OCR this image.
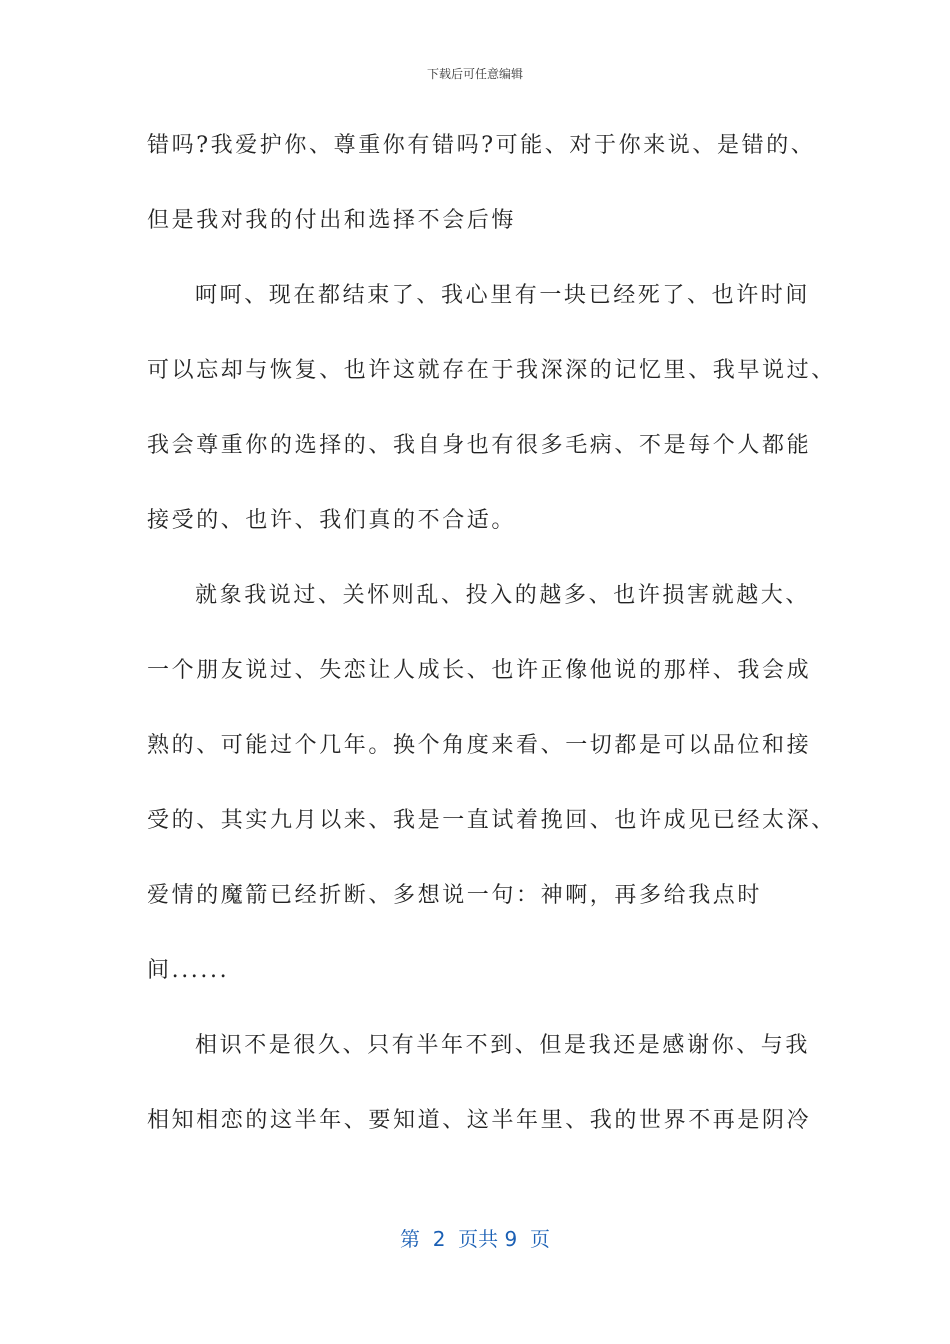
下载后可任意编辑
错吗?我爱护你、尊重你有错吗?可能、对于你来说、是错的、
但是我对我的付出和选择不会后悔
呵呵、现在都结束了、我心里有一块已经死了、也许时间
可以忘却与恢复、也许这就存在于我深深的记忆里、我早说过、
我会尊重你的选择的、我自身也有很多毛病、不是每个人都能
接受的、也许、我们真的不合适。
就象我说过、关怀则乱、投入的越多、也许损害就越大、
一个朋友说过、失恋让人成长、也许正像他说的那样、我会成
熟的、可能过个几年。换个角度来看、一切都是可以品位和接
受的、其实九月以来、我是一直试着挽回、也许成见已经太深、
爱情的魔箭已经折断、多想说一句：神啊，再多给我点时
间......
相识不是很久、只有半年不到、但是我还是感谢你、与我
相知相恋的这半年、要知道、这半年里、我的世界不再是阴冷
第  2  页共 9  页
